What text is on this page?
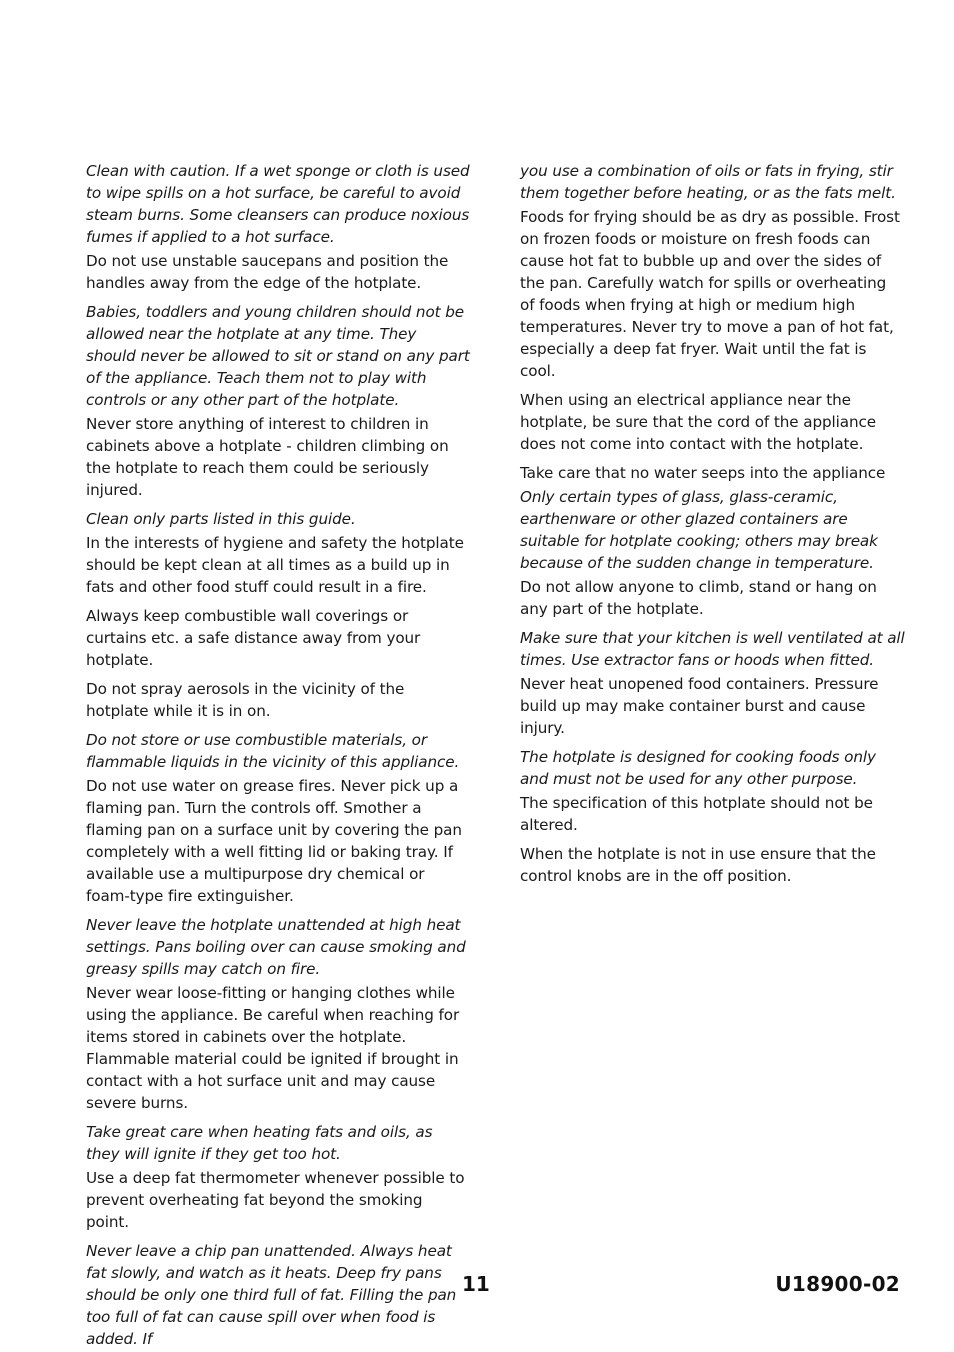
Clean with caution. If a wet sponge or cloth is used to wipe spills on a hot surface, be careful to avoid steam burns. Some cleansers can produce noxious fumes if applied to a hot surface.

Do not use unstable saucepans and position the handles away from the edge of the hotplate.

Babies, toddlers and young children should not be allowed near the hotplate at any time. They should never be allowed to sit or stand on any part of the appliance. Teach them not to play with controls or any other part of the hotplate.

Never store anything of interest to children in cabinets above a hotplate - children climbing on the hotplate to reach them could be seriously injured.

Clean only parts listed in this guide.

In the interests of hygiene and safety the hotplate should be kept clean at all times as a build up in fats and other food stuff could result in a fire.

Always keep combustible wall coverings or curtains etc. a safe distance away from your hotplate.

Do not spray aerosols in the vicinity of the hotplate while it is in on.

Do not store or use combustible materials, or flammable liquids in the vicinity of this appliance.

Do not use water on grease fires. Never pick up a flaming pan. Turn the controls off. Smother a flaming pan on a surface unit by covering the pan completely with a well fitting lid or baking tray. If available use a multipurpose dry chemical or foam-type fire extinguisher.

Never leave the hotplate unattended at high heat settings. Pans boiling over can cause smoking and greasy spills may catch on fire.

Never wear loose-fitting or hanging clothes while using the appliance. Be careful when reaching for items stored in cabinets over the hotplate. Flammable material could be ignited if brought in contact with a hot surface unit and may cause severe burns.

Take great care when heating fats and oils, as they will ignite if they get too hot.

Use a deep fat thermometer whenever possible to prevent overheating fat beyond the smoking point.

Never leave a chip pan unattended. Always heat fat slowly, and watch as it heats. Deep fry pans should be only one third full of fat. Filling the pan too full of fat can cause spill over when food is added. If

you use a combination of oils or fats in frying, stir them together before heating, or as the fats melt.

Foods for frying should be as dry as possible. Frost on frozen foods or moisture on fresh foods can cause hot fat to bubble up and over the sides of the pan. Carefully watch for spills or overheating of foods when frying at high or medium high temperatures. Never try to move a pan of hot fat, especially a deep fat fryer. Wait until the fat is cool.

When using an electrical appliance near the hotplate, be sure that the cord of the appliance does not come into contact with the hotplate.

Take care that no water seeps into the appliance

Only certain types of glass, glass-ceramic, earthenware or other glazed containers are suitable for hotplate cooking; others may break because of the sudden change in temperature.

Do not allow anyone to climb, stand or hang on any part of the hotplate.

Make sure that your kitchen is well ventilated at all times. Use extractor fans or hoods when fitted.

Never heat unopened food containers. Pressure build up may make container burst and cause injury.

The hotplate is designed for cooking foods only and must not be used for any other purpose.

The specification of this hotplate should not be altered.

When the hotplate is not in use ensure that the control knobs are in the off position.

11	U18900-02
